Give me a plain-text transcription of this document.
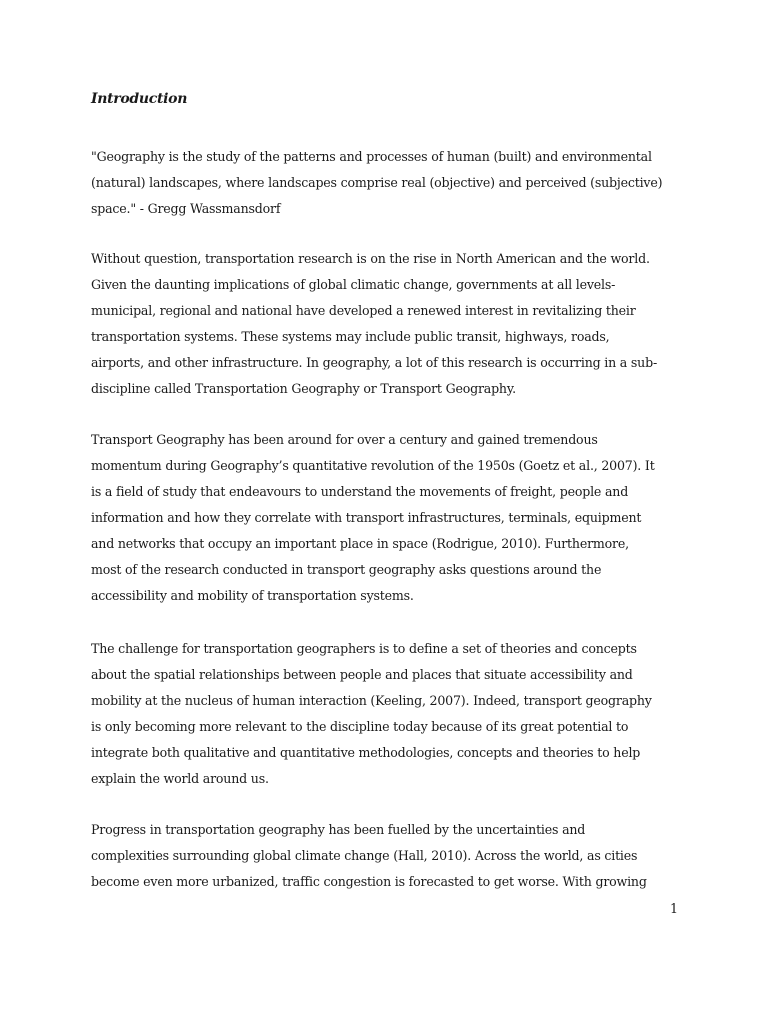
Introduction

"Geography is the study of the patterns and processes of human (built) and environmental
(natural) landscapes, where landscapes comprise real (objective) and perceived (subjective)
space." - Gregg Wassmansdorf

Without question, transportation research is on the rise in North American and the world.
Given the daunting implications of global climatic change, governments at all levels-
municipal, regional and national have developed a renewed interest in revitalizing their
transportation systems. These systems may include public transit, highways, roads,
airports, and other infrastructure. In geography, a lot of this research is occurring in a sub-
discipline called Transportation Geography or Transport Geography.

Transport Geography has been around for over a century and gained tremendous
momentum during Geography’s quantitative revolution of the 1950s (Goetz et al., 2007). It
is a field of study that endeavours to understand the movements of freight, people and
information and how they correlate with transport infrastructures, terminals, equipment
and networks that occupy an important place in space (Rodrigue, 2010). Furthermore,
most of the research conducted in transport geography asks questions around the
accessibility and mobility of transportation systems.

The challenge for transportation geographers is to define a set of theories and concepts
about the spatial relationships between people and places that situate accessibility and
mobility at the nucleus of human interaction (Keeling, 2007). Indeed, transport geography
is only becoming more relevant to the discipline today because of its great potential to
integrate both qualitative and quantitative methodologies, concepts and theories to help
explain the world around us.

Progress in transportation geography has been fuelled by the uncertainties and
complexities surrounding global climate change (Hall, 2010). Across the world, as cities
become even more urbanized, traffic congestion is forecasted to get worse. With growing

1
